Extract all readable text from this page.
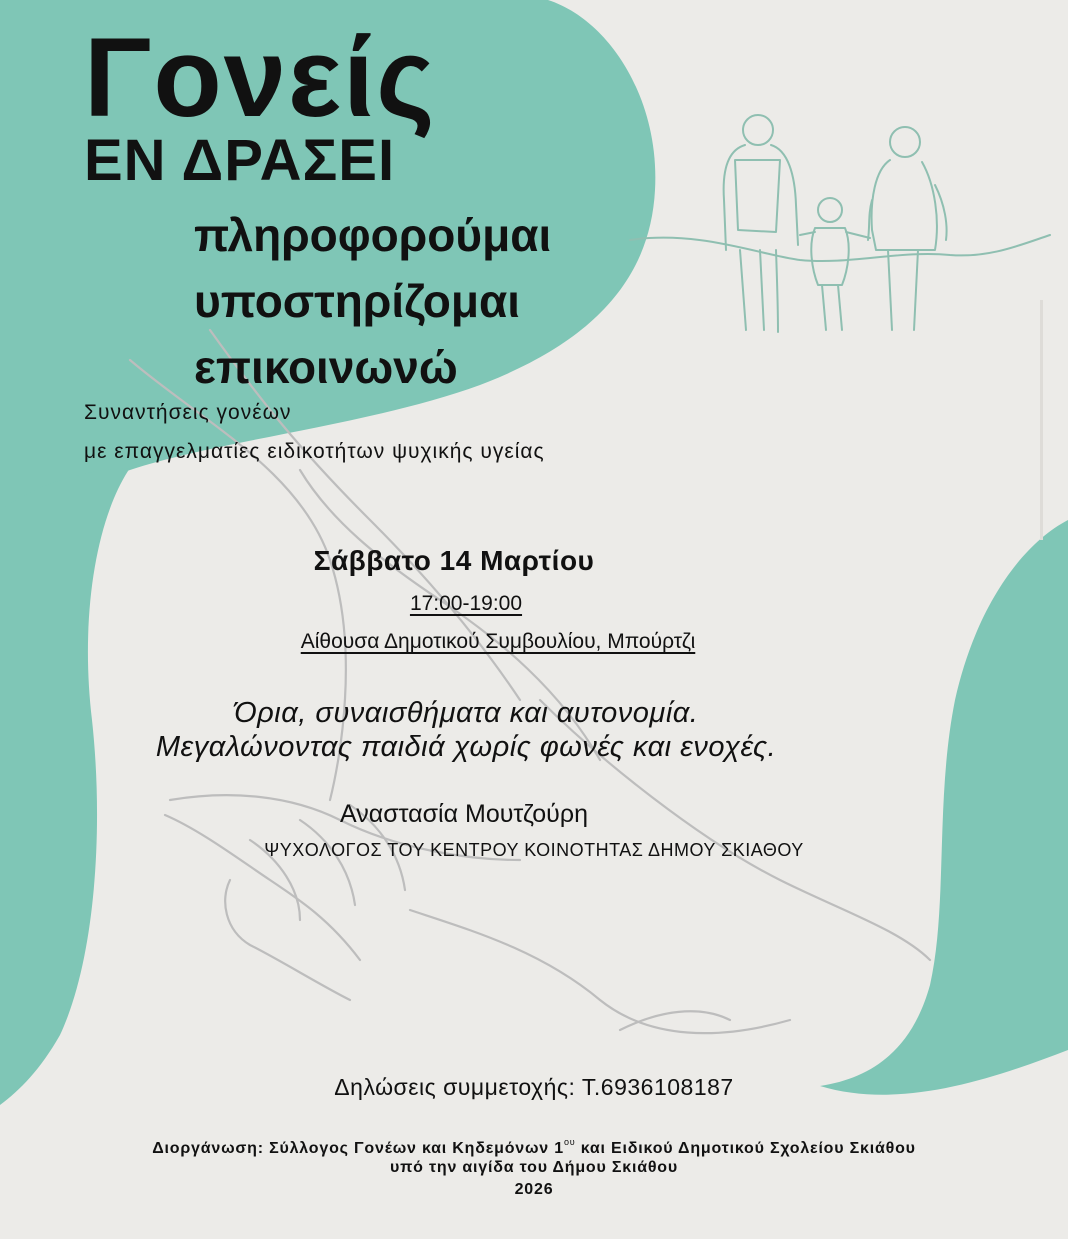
Γονείς
ΕΝ ΔΡΑΣΕΙ
πληροφορούμαι
υποστηρίζομαι
επικοινωνώ
Συναντήσεις γονέων
με επαγγελματίες ειδικοτήτων ψυχικής υγείας
Σάββατο 14 Μαρτίου
17:00-19:00
Αίθουσα Δημοτικού Συμβουλίου, Μπούρτζι
Όρια, συναισθήματα και αυτονομία.
Μεγαλώνοντας παιδιά χωρίς φωνές και ενοχές.
Αναστασία Μουτζούρη
ΨΥΧΟΛΟΓΟΣ ΤΟΥ ΚΕΝΤΡΟΥ ΚΟΙΝΟΤΗΤΑΣ ΔΗΜΟΥ ΣΚΙΑΘΟΥ
Δηλώσεις συμμετοχής: Τ.6936108187
Διοργάνωση: Σύλλογος Γονέων και Κηδεμόνων $1^{o\upsilon}$ και Ειδικού Δημοτικού Σχολείου Σκιάθου
υπό την αιγίδα του Δήμου Σκιάθου
2026
